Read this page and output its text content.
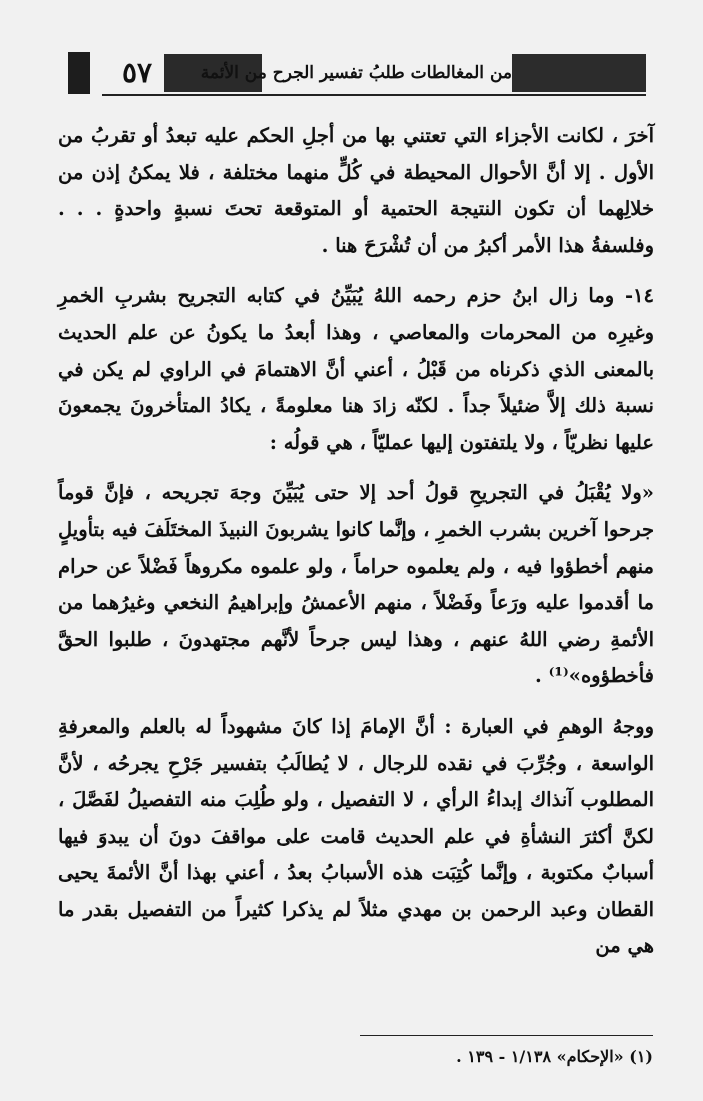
٥٧	من المغالطات طلبُ تفسير الجرح من الأئمة

آخرَ ، لكانت الأجزاء التي تعتني بها من أجلِ الحكم عليه تبعدُ أو تقربُ من الأول . إلا أنَّ الأحوال المحيطة في كُلٍّ منهما مختلفة ، فلا يمكنُ إذن من خلالِهما أن تكون النتيجة الحتمية أو المتوقعة تحتَ نسبةٍ واحدةٍ . . . وفلسفةُ هذا الأمر أكبرُ من أن تُشْرَحَ هنا .

١٤- وما زال ابنُ حزم رحمه اللهُ يُبَيِّنُ في كتابه التجريح بشربِ الخمرِ وغيرِه من المحرمات والمعاصي ، وهذا أبعدُ ما يكونُ عن علم الحديث بالمعنى الذي ذكرناه من قَبْلُ ، أعني أنَّ الاهتمامَ في الراوي لم يكن في نسبة ذلك إلاَّ ضئيلاً جداً . لكنّه زادَ هنا معلومةً ، يكادُ المتأخرونَ يجمعونَ عليها نظريّاً ، ولا يلتفتون إليها عمليّاً ، هي قولُه :

«ولا يُقْبَلُ في التجريحِ قولُ أحد إلا حتى يُبَيِّنَ وجهَ تجريحه ، فإنَّ قوماً جرحوا آخرين بشرب الخمرِ ، وإنَّما كانوا يشربونَ النبيذَ المختَلَفَ فيه بتأويلٍ منهم أخطؤوا فيه ، ولم يعلموه حراماً ، ولو علموه مكروهاً فَضْلاً عن حرام ما أقدموا عليه ورَعاً وفَضْلاً ، منهم الأعمشُ وإبراهيمُ النخعي وغيرُهما من الأئمةِ رضي اللهُ عنهم ، وهذا ليس جرحاً لأنَّهم مجتهدونَ ، طلبوا الحقَّ فأخطؤوه»⁽¹⁾ .

ووجهُ الوهمِ في العبارة : أنَّ الإمامَ إذا كانَ مشهوداً له بالعلم والمعرفةِ الواسعة ، وجُرِّبَ في نقده للرجال ، لا يُطالَبُ بتفسير جَرْحِ يجرحُه ، لأنَّ المطلوب آنذاك إبداءُ الرأي ، لا التفصيل ، ولو طُلِبَ منه التفصيلُ لفَصَّلَ ، لكنَّ أكثرَ النشأةِ في علم الحديث قامت على مواقفَ دونَ أن يبدوَ فيها أسبابٌ مكتوبة ، وإنَّما كُتِبَت هذه الأسبابُ بعدُ ، أعني بهذا أنَّ الأئمةَ يحيى القطان وعبد الرحمن بن مهدي مثلاً لم يذكرا كثيراً من التفصيل بقدر ما هي من

(١) «الإحكام» ١/١٣٨ - ١٣٩ .
